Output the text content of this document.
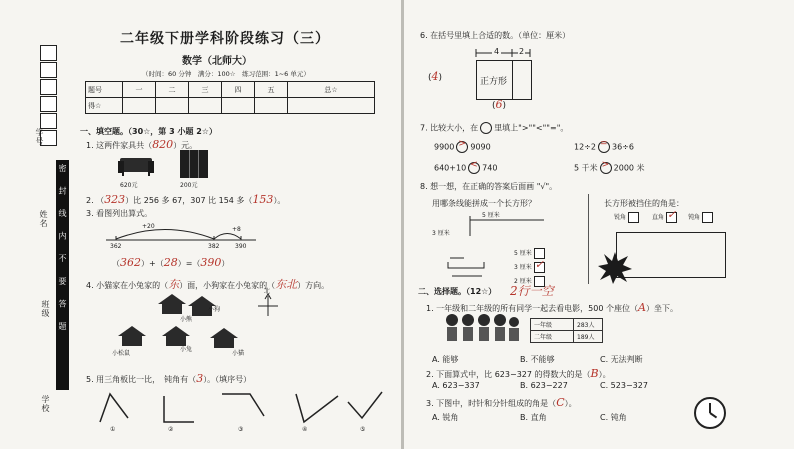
学号
姓名
班级
学校
密 封 线 内 不 要 答 题
二年级下册学科阶段练习（三）
数学（北师大）
（时间：60 分钟　满分：100☆　练习范围：1~6 单元）
题号	一	二	三	四	五	总☆
得☆						
一、填空题。（30☆，第 3 小题 2☆）
1. 这两件家具共（820）元。
620元	200元
2. （323）比 256 多 67，307 比 154 多（153）。
3. 看图列出算式。
+20	+8
362	382	390
（362）+（28）=（390）
4. 小猫家在小兔家的（东）面，小狗家在小兔家的（东北）方向。
小熊
小狗
小松鼠
小兔
小猫
北
5. 用三角板比一比，　钝角有（3）。（填序号）
①	②	③	④	⑤
6. 在括号里填上合适的数。（单位：厘米）
4 2
正方形
(4)
(6)
7. 比较大小，在 里填上">""<""="。
9900 > 9090	12÷2 = 36÷6
640+10 < 740	5 千米 > 2000 米
8. 想一想，在正确的答案后面画 "√"。
用哪条线能拼成一个长方形？	长方形被挡住的角是：
5 厘米
3 厘米
5 厘米
3 厘米 ✓
2 厘米
锐角	直角 ✓ 钝角
二、选择题。（12☆） 2行一空
1. 一年级和二年级的所有同学一起去看电影，500 个座位（A）坐下。
A. 能够	B. 不能够	C. 无法判断
2. 下面算式中，比 623−327 的得数大的是（B）。
A. 623−337	B. 623−227	C. 523−327
3. 下图中，时针和分针组成的角是（C）。
A. 锐角	B. 直角	C. 钝角
一年级	283人
二年级	189人
